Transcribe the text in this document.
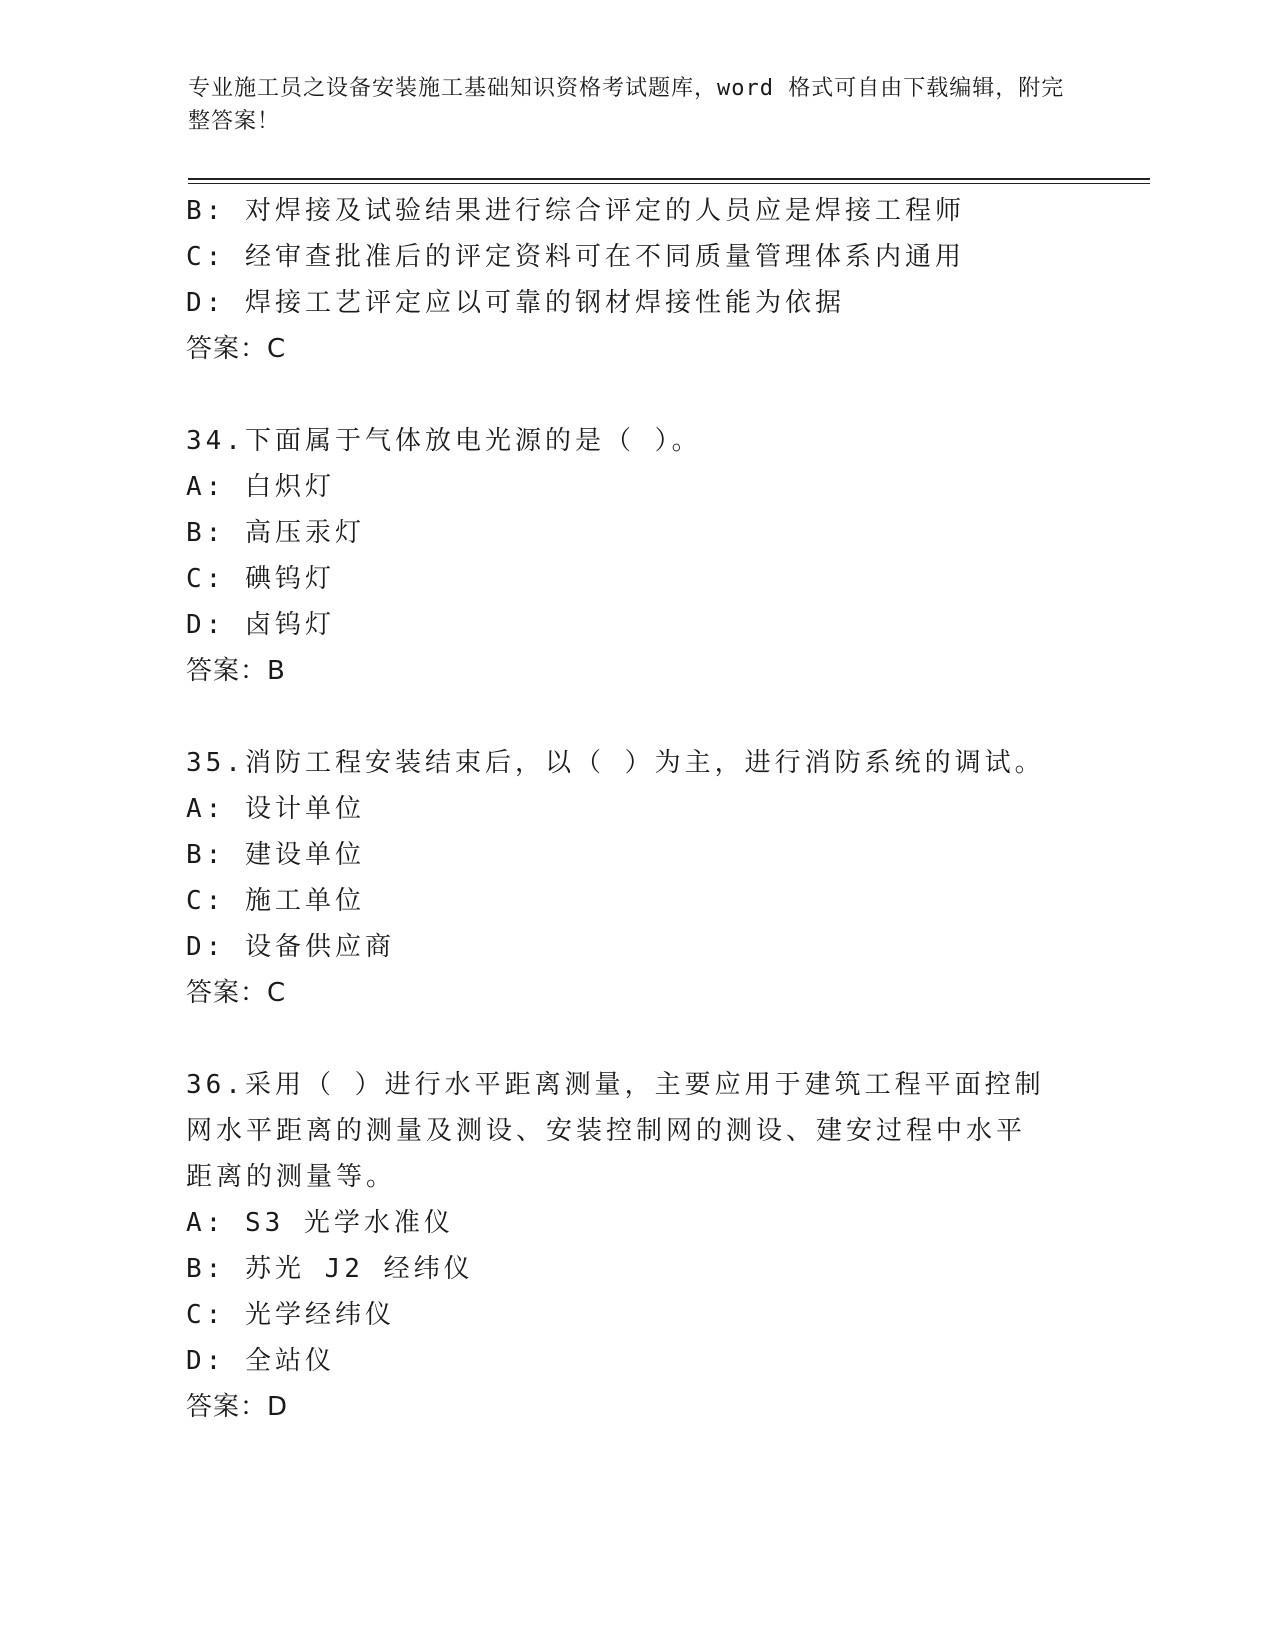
专业施工员之设备安装施工基础知识资格考试题库，word 格式可自由下载编辑，附完整答案！
B: 对焊接及试验结果进行综合评定的人员应是焊接工程师
C: 经审查批准后的评定资料可在不同质量管理体系内通用
D: 焊接工艺评定应以可靠的钢材焊接性能为依据
答案：C
34.下面属于气体放电光源的是（ ）。
A: 白炽灯
B: 高压汞灯
C: 碘钨灯
D: 卤钨灯
答案：B
35.消防工程安装结束后，以（ ）为主，进行消防系统的调试。
A: 设计单位
B: 建设单位
C: 施工单位
D: 设备供应商
答案：C
36.采用（ ）进行水平距离测量，主要应用于建筑工程平面控制网水平距离的测量及测设、安装控制网的测设、建安过程中水平距离的测量等。
A: S3 光学水准仪
B: 苏光 J2 经纬仪
C: 光学经纬仪
D: 全站仪
答案：D
